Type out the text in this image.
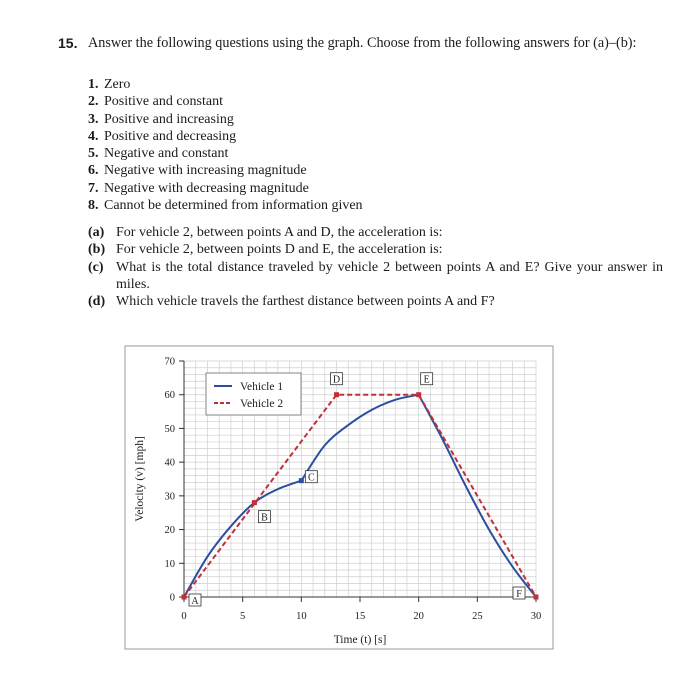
15. Answer the following questions using the graph. Choose from the following answers for (a)–(b):
1. Zero
2. Positive and constant
3. Positive and increasing
4. Positive and decreasing
5. Negative and constant
6. Negative with increasing magnitude
7. Negative with decreasing magnitude
8. Cannot be determined from information given
(a) For vehicle 2, between points A and D, the acceleration is:
(b) For vehicle 2, between points D and E, the acceleration is:
(c) What is the total distance traveled by vehicle 2 between points A and E? Give your answer in miles.
(d) Which vehicle travels the farthest distance between points A and F?
0	5	10	15	20	25	30
0
10
20
30
40
50
60
70
Time (t) [s]
Velocity (v) [mph]
A
B
C
D	E
F
Vehicle 1
Vehicle 2
